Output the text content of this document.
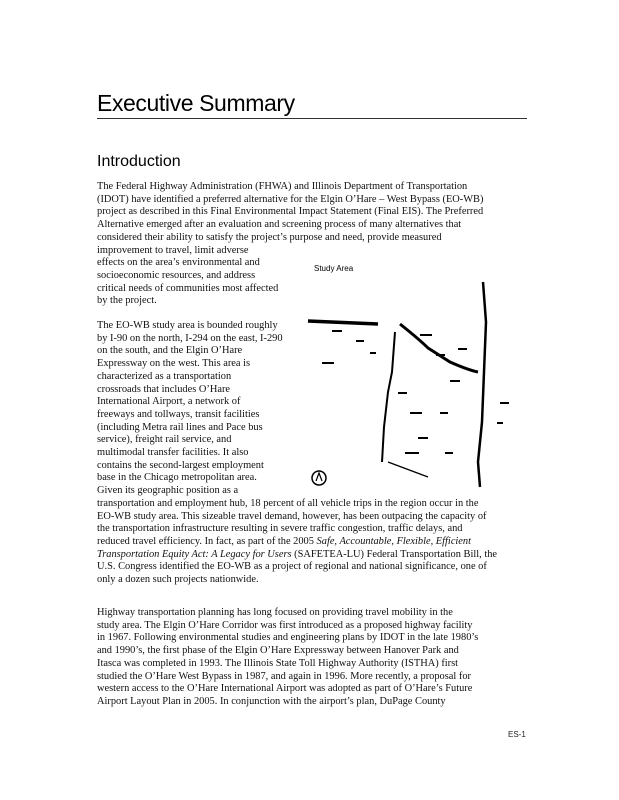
Executive Summary
Introduction

The Federal Highway Administration (FHWA) and Illinois Department of Transportation
(IDOT) have identified a preferred alternative for the Elgin O’Hare – West Bypass (EO-WB)
project as described in this Final Environmental Impact Statement (Final EIS). The Preferred
Alternative emerged after an evaluation and screening process of many alternatives that
considered their ability to satisfy the project’s purpose and need, provide measured
improvement to travel, limit adverse
effects on the area’s environmental and
socioeconomic resources, and address
critical needs of communities most affected
by the project.

The EO-WB study area is bounded roughly
by I-90 on the north, I-294 on the east, I-290
on the south, and the Elgin O’Hare
Expressway on the west. This area is
characterized as a transportation
crossroads that includes O’Hare
International Airport, a network of
freeways and tollways, transit facilities
(including Metra rail lines and Pace bus
service), freight rail service, and
multimodal transfer facilities. It also
contains the second-largest employment
base in the Chicago metropolitan area.
Given its geographic position as a
transportation and employment hub, 18 percent of all vehicle trips in the region occur in the
EO-WB study area. This sizeable travel demand, however, has been outpacing the capacity of
the transportation infrastructure resulting in severe traffic congestion, traffic delays, and
reduced travel efficiency. In fact, as part of the 2005 Safe, Accountable, Flexible, Efficient
Transportation Equity Act: A Legacy for Users (SAFETEA-LU) Federal Transportation Bill, the
U.S. Congress identified the EO-WB as a project of regional and national significance, one of
only a dozen such projects nationwide.

Study Area

Highway transportation planning has long focused on providing travel mobility in the
study area. The Elgin O’Hare Corridor was first introduced as a proposed highway facility
in 1967. Following environmental studies and engineering plans by IDOT in the late 1980’s
and 1990’s, the first phase of the Elgin O’Hare Expressway between Hanover Park and
Itasca was completed in 1993. The Illinois State Toll Highway Authority (ISTHA) first
studied the O’Hare West Bypass in 1987, and again in 1996. More recently, a proposal for
western access to the O’Hare International Airport was adopted as part of O’Hare’s Future
Airport Layout Plan in 2005. In conjunction with the airport’s plan, DuPage County

ES-1
